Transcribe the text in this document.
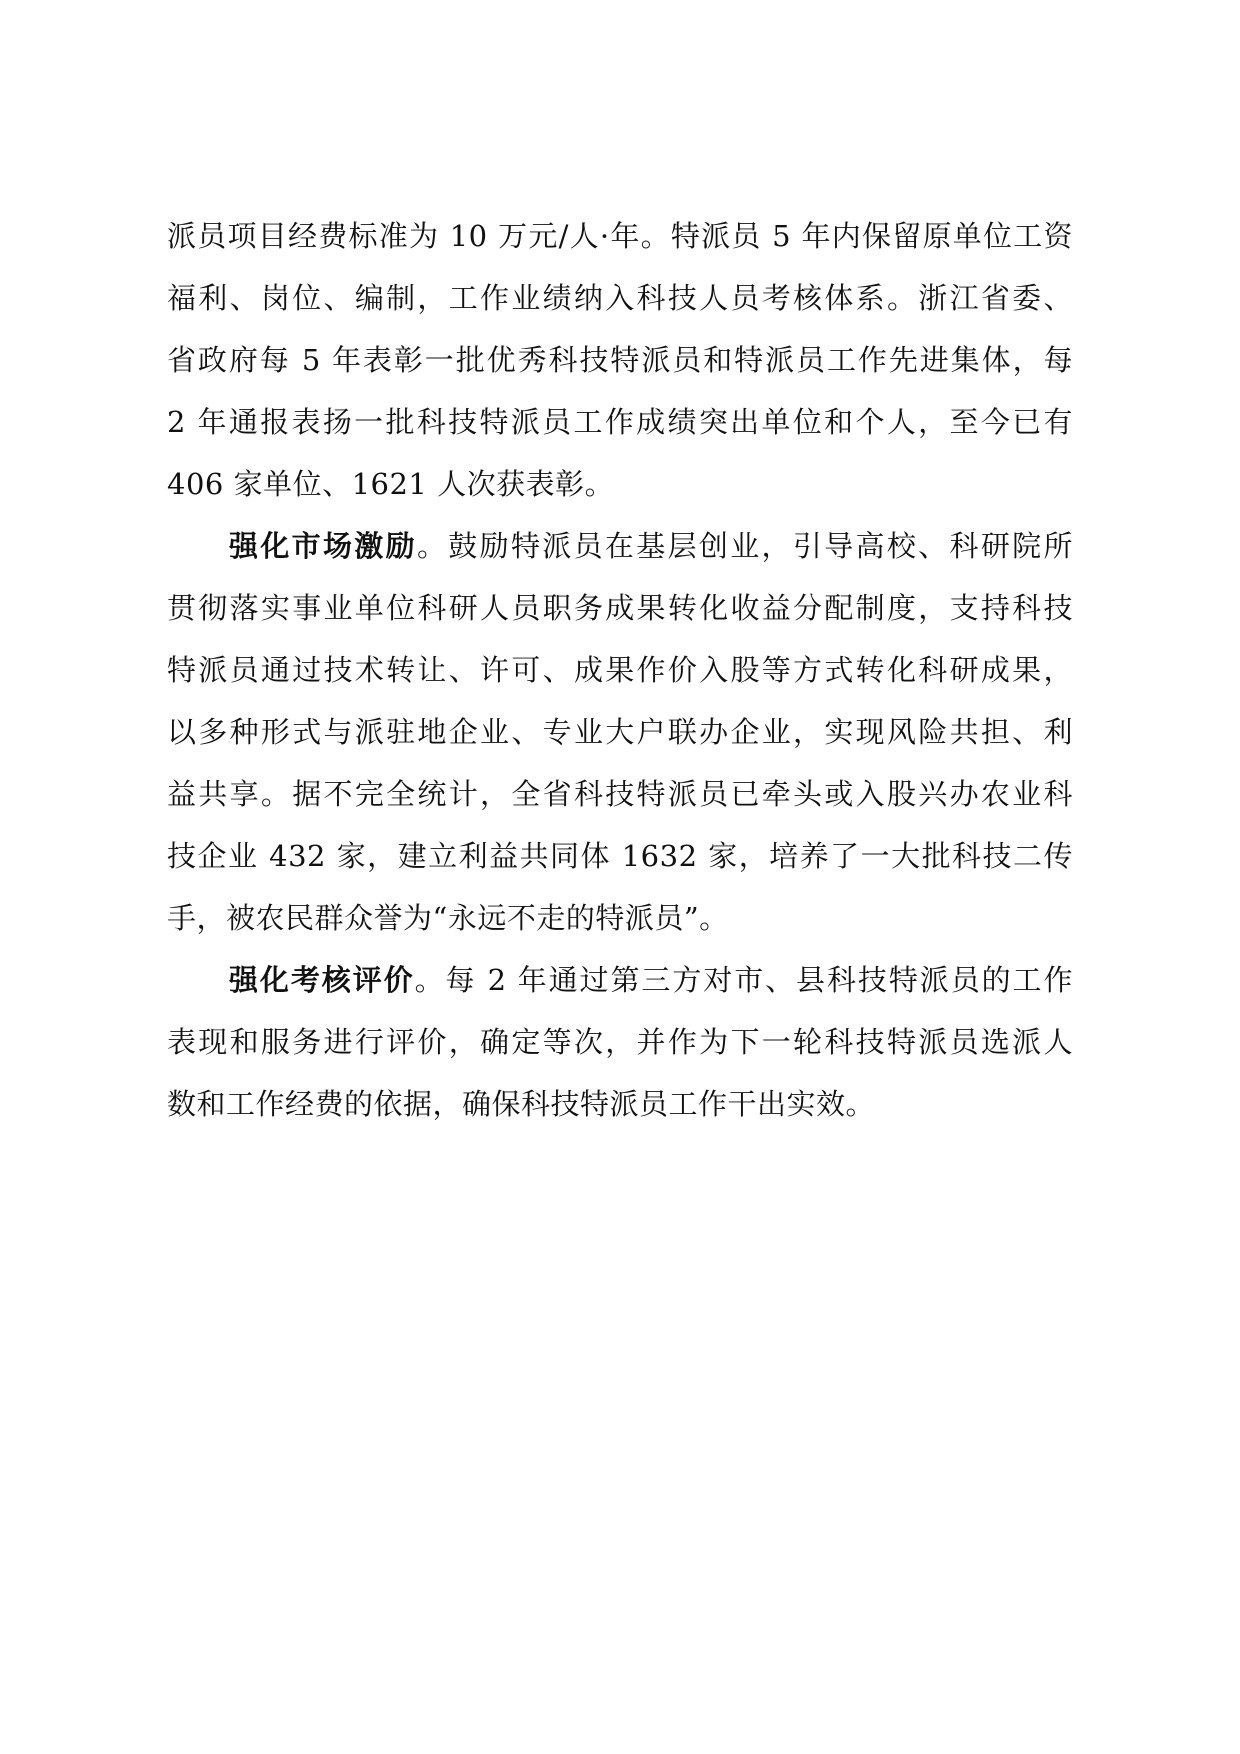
派员项目经费标准为 10 万元/人·年。特派员 5 年内保留原单位工资
福利、岗位、编制，工作业绩纳入科技人员考核体系。浙江省委、
省政府每 5 年表彰一批优秀科技特派员和特派员工作先进集体，每
2 年通报表扬一批科技特派员工作成绩突出单位和个人，至今已有
406 家单位、1621 人次获表彰。
强化市场激励。鼓励特派员在基层创业，引导高校、科研院所
贯彻落实事业单位科研人员职务成果转化收益分配制度，支持科技
特派员通过技术转让、许可、成果作价入股等方式转化科研成果，
以多种形式与派驻地企业、专业大户联办企业，实现风险共担、利
益共享。据不完全统计，全省科技特派员已牵头或入股兴办农业科
技企业 432 家，建立利益共同体 1632 家，培养了一大批科技二传
手，被农民群众誉为“永远不走的特派员”。
强化考核评价。每 2 年通过第三方对市、县科技特派员的工作
表现和服务进行评价，确定等次，并作为下一轮科技特派员选派人
数和工作经费的依据，确保科技特派员工作干出实效。
